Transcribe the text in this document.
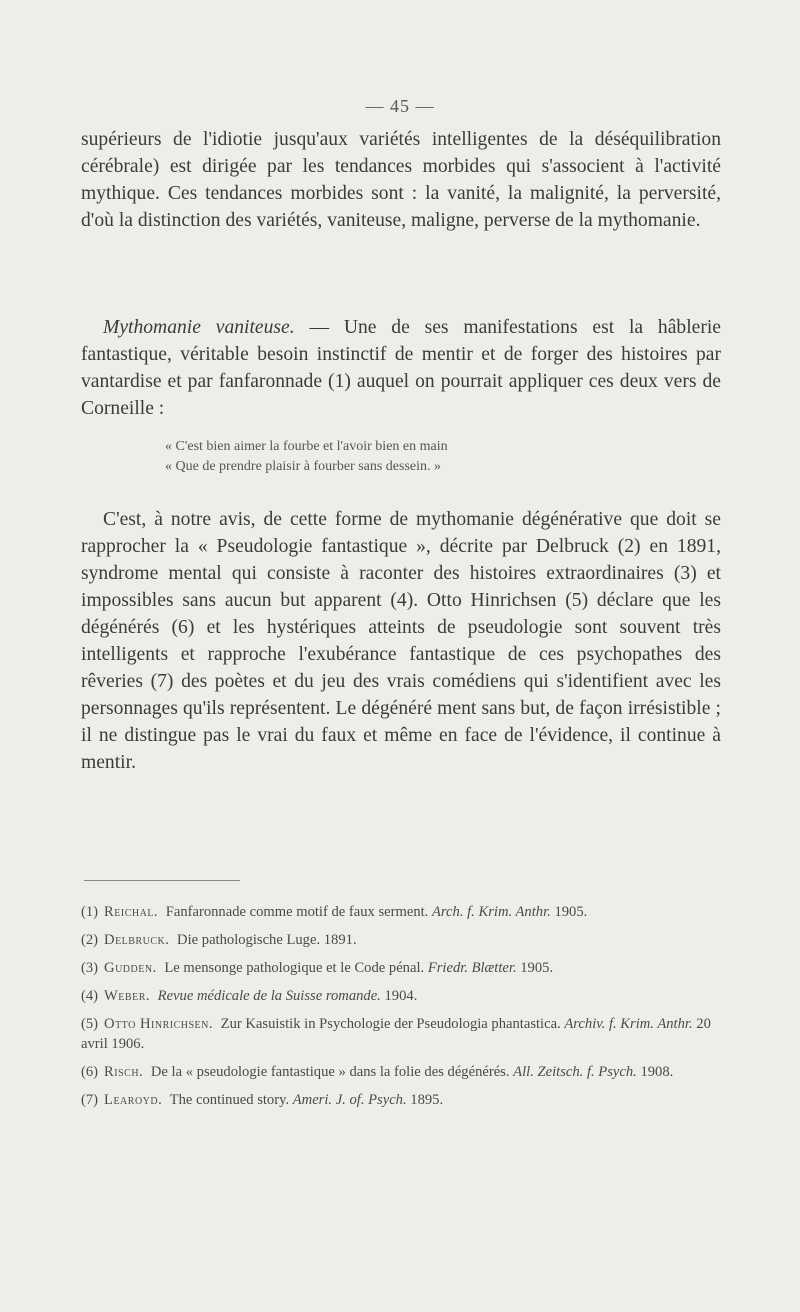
— 45 —

supérieurs de l'idiotie jusqu'aux variétés intelligentes de la déséquilibration cérébrale) est dirigée par les tendances morbides qui s'associent à l'activité mythique. Ces tendances morbides sont : la vanité, la malignité, la perversité, d'où la distinction des variétés, vaniteuse, maligne, perverse de la mythomanie.

Mythomanie vaniteuse. — Une de ses manifestations est la hâblerie fantastique, véritable besoin instinctif de mentir et de forger des histoires par vantardise et par fanfaronnade (1) auquel on pourrait appliquer ces deux vers de Corneille :

« C'est bien aimer la fourbe et l'avoir bien en main
« Que de prendre plaisir à fourber sans dessein. »

C'est, à notre avis, de cette forme de mythomanie dégénérative que doit se rapprocher la « Pseudologie fantastique », décrite par Delbruck (2) en 1891, syndrome mental qui consiste à raconter des histoires extraordinaires (3) et impossibles sans aucun but apparent (4). Otto Hinrichsen (5) déclare que les dégénérés (6) et les hystériques atteints de pseudologie sont souvent très intelligents et rapproche l'exubérance fantastique de ces psychopathes des rêveries (7) des poètes et du jeu des vrais comédiens qui s'identifient avec les personnages qu'ils représentent. Le dégénéré ment sans but, de façon irrésistible ; il ne distingue pas le vrai du faux et même en face de l'évidence, il continue à mentir.

(1) Reichal. Fanfaronnade comme motif de faux serment. Arch. f. Krim. Anthr. 1905.

(2) Delbruck. Die pathologische Luge. 1891.

(3) Gudden. Le mensonge pathologique et le Code pénal. Friedr. Blætter. 1905.

(4) Weber. Revue médicale de la Suisse romande. 1904.

(5) Otto Hinrichsen. Zur Kasuistik in Psychologie der Pseudologia phantastica. Archiv. f. Krim. Anthr. 20 avril 1906.

(6) Risch. De la « pseudologie fantastique » dans la folie des dégénérés. All. Zeitsch. f. Psych. 1908.

(7) Learoyd. The continued story. Ameri. J. of. Psych. 1895.
